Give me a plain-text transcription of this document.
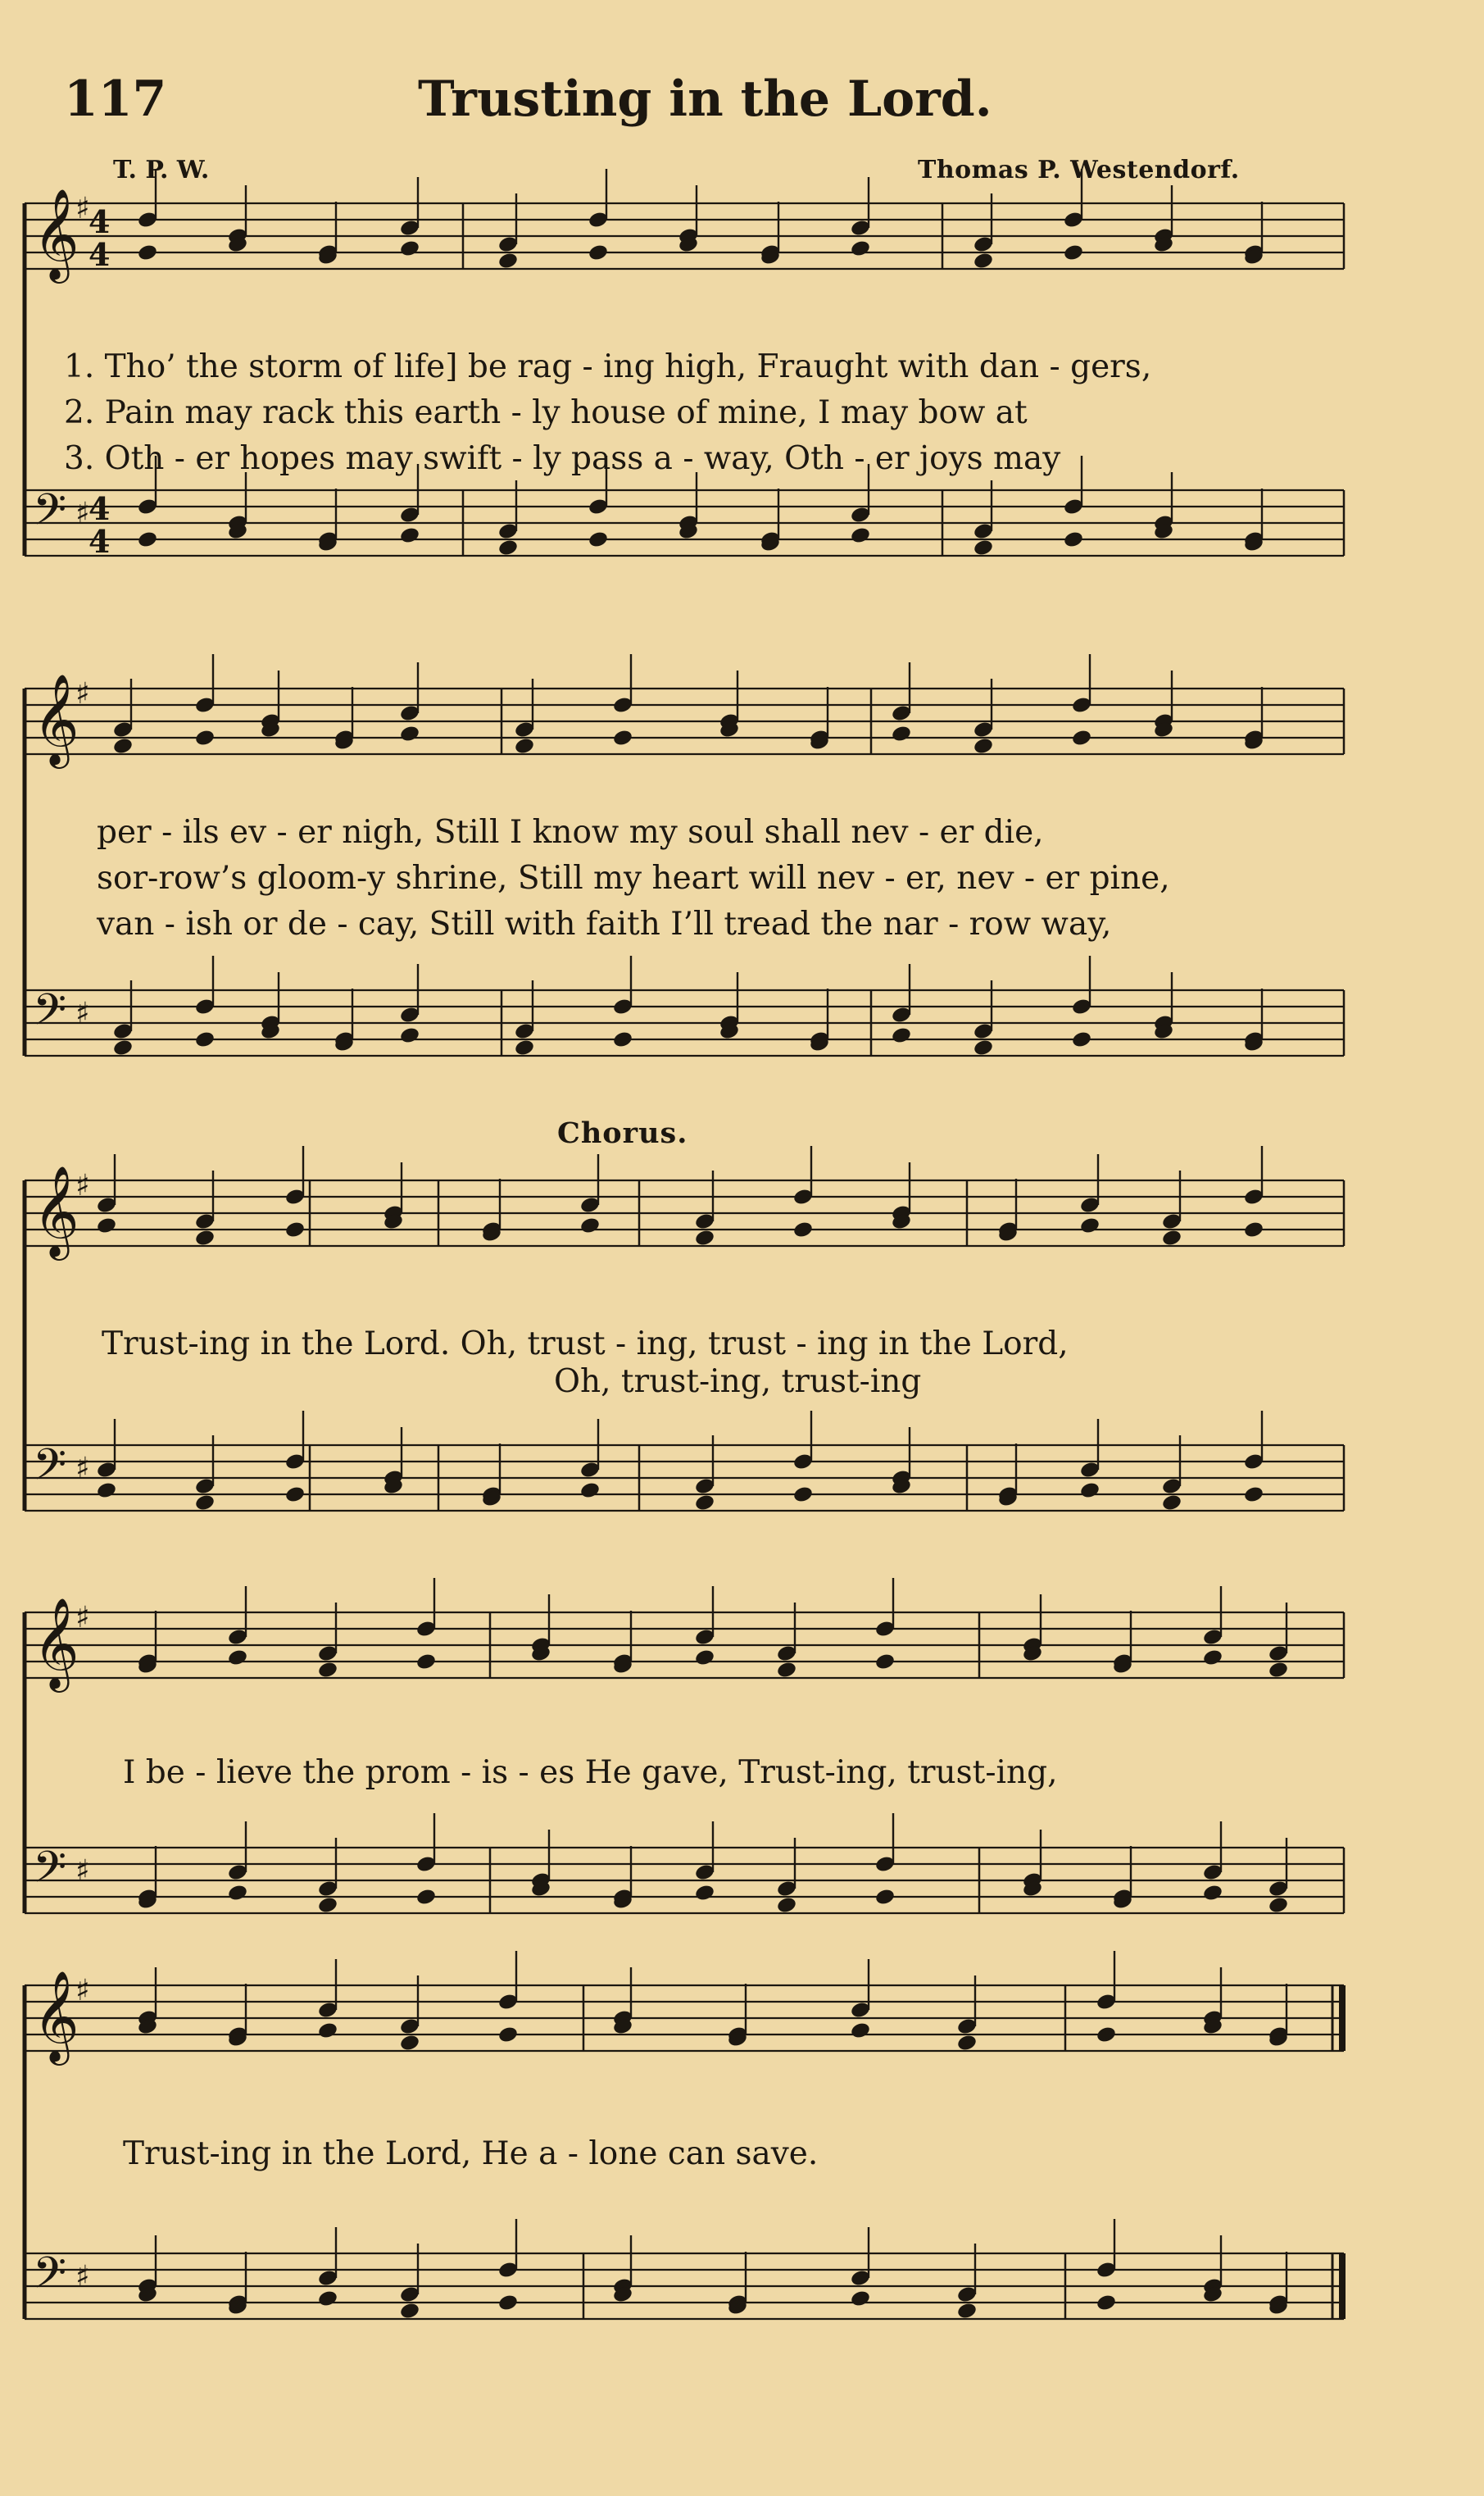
117	Trusting in the Lord.
T. P. W.	Thomas P. Westendorf.
𝄞
♯
𝄢 ♯
4
4
4
4
𝄞
♯
𝄢 ♯
𝄞
♯
𝄢 ♯
𝄞
♯
𝄢 ♯
𝄞
♯
𝄢 ♯
1. Tho’ the storm of life] be rag - ing high, Fraught with dan - gers,
2. Pain may rack this earth - ly house of mine, I may bow at
3. Oth - er hopes may swift - ly pass a - way, Oth - er joys may
per - ils ev - er nigh, Still I know my soul shall nev - er die,
sor-row’s gloom-y shrine, Still my heart will nev - er, nev - er pine,
van - ish or de - cay, Still with faith I’ll tread the nar - row way,
Chorus.
Trust-ing in the Lord. Oh, trust - ing, trust - ing in the Lord,
Oh, trust-ing, trust-ing
I be - lieve the prom - is - es He gave, Trust-ing, trust-ing,
Trust-ing in the Lord, He a - lone can save.
